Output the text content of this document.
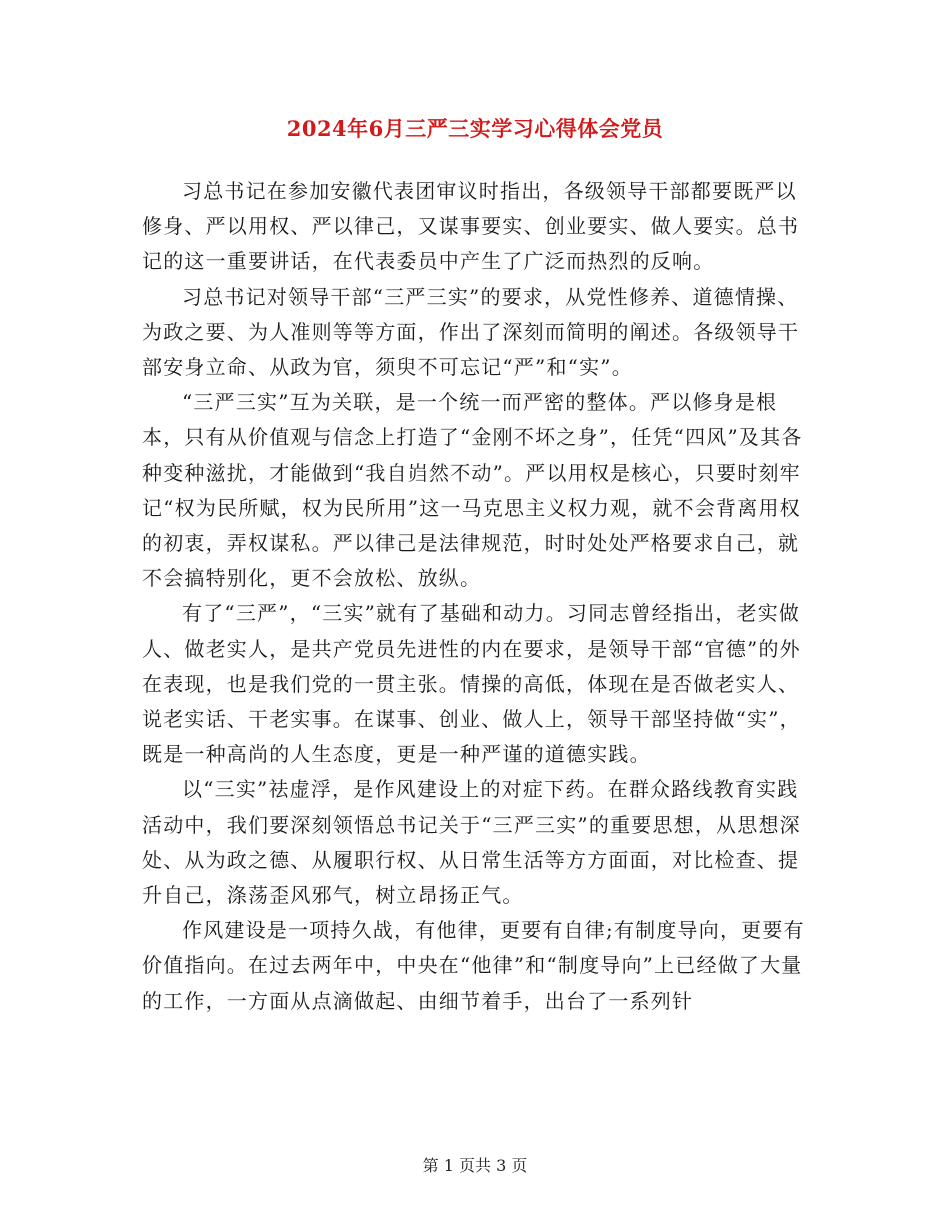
2024年6月三严三实学习心得体会党员

习总书记在参加安徽代表团审议时指出，各级领导干部都要既严以修身、严以用权、严以律己，又谋事要实、创业要实、做人要实。总书记的这一重要讲话，在代表委员中产生了广泛而热烈的反响。

习总书记对领导干部“三严三实”的要求，从党性修养、道德情操、为政之要、为人准则等等方面，作出了深刻而简明的阐述。各级领导干部安身立命、从政为官，须臾不可忘记“严”和“实”。

“三严三实”互为关联，是一个统一而严密的整体。严以修身是根本，只有从价值观与信念上打造了“金刚不坏之身”，任凭“四风”及其各种变种滋扰，才能做到“我自岿然不动”。严以用权是核心，只要时刻牢记“权为民所赋，权为民所用”这一马克思主义权力观，就不会背离用权的初衷，弄权谋私。严以律己是法律规范，时时处处严格要求自己，就不会搞特别化，更不会放松、放纵。

有了“三严”，“三实”就有了基础和动力。习同志曾经指出，老实做人、做老实人，是共产党员先进性的内在要求，是领导干部“官德”的外在表现，也是我们党的一贯主张。情操的高低，体现在是否做老实人、说老实话、干老实事。在谋事、创业、做人上，领导干部坚持做“实”，既是一种高尚的人生态度，更是一种严谨的道德实践。

以“三实”祛虚浮，是作风建设上的对症下药。在群众路线教育实践活动中，我们要深刻领悟总书记关于“三严三实”的重要思想，从思想深处、从为政之德、从履职行权、从日常生活等方方面面，对比检查、提升自己，涤荡歪风邪气，树立昂扬正气。

作风建设是一项持久战，有他律，更要有自律;有制度导向，更要有价值指向。在过去两年中，中央在“他律”和“制度导向”上已经做了大量的工作，一方面从点滴做起、由细节着手，出台了一系列针

第 1 页共 3 页
